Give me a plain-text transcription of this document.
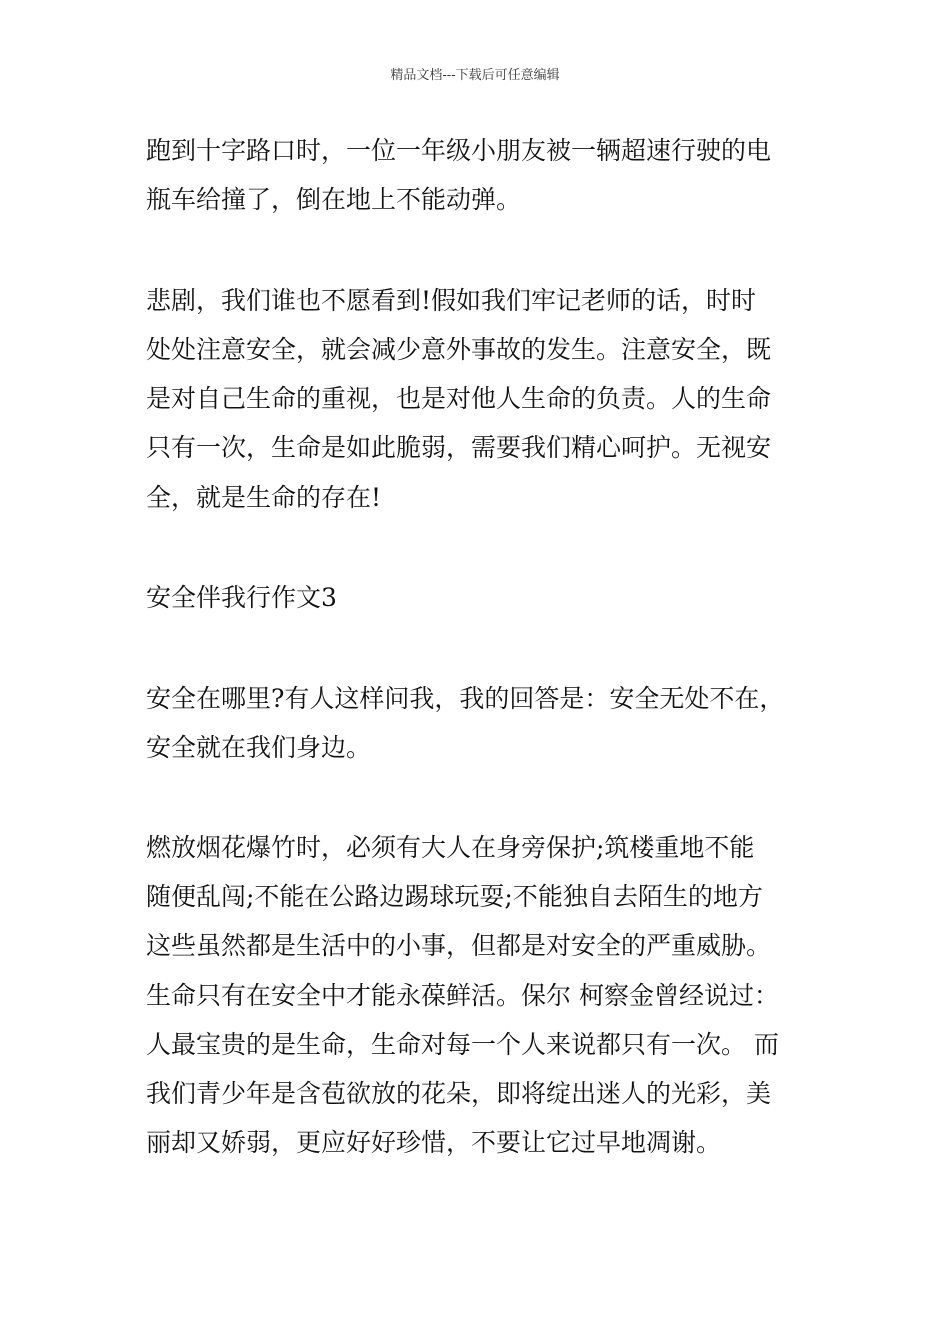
精品文档---下载后可任意编辑
跑到十字路口时，一位一年级小朋友被一辆超速行驶的电
瓶车给撞了，倒在地上不能动弹。
悲剧，我们谁也不愿看到!假如我们牢记老师的话，时时
处处注意安全，就会减少意外事故的发生。注意安全，既
是对自己生命的重视，也是对他人生命的负责。人的生命
只有一次，生命是如此脆弱，需要我们精心呵护。无视安
全，就是生命的存在!
安全伴我行作文3
安全在哪里?有人这样问我，我的回答是：安全无处不在，
安全就在我们身边。
燃放烟花爆竹时，必须有大人在身旁保护;筑楼重地不能
随便乱闯;不能在公路边踢球玩耍;不能独自去陌生的地方
这些虽然都是生活中的小事，但都是对安全的严重威胁。
生命只有在安全中才能永葆鲜活。保尔 柯察金曾经说过：
人最宝贵的是生命，生命对每一个人来说都只有一次。 而
我们青少年是含苞欲放的花朵，即将绽出迷人的光彩，美
丽却又娇弱，更应好好珍惜，不要让它过早地凋谢。
